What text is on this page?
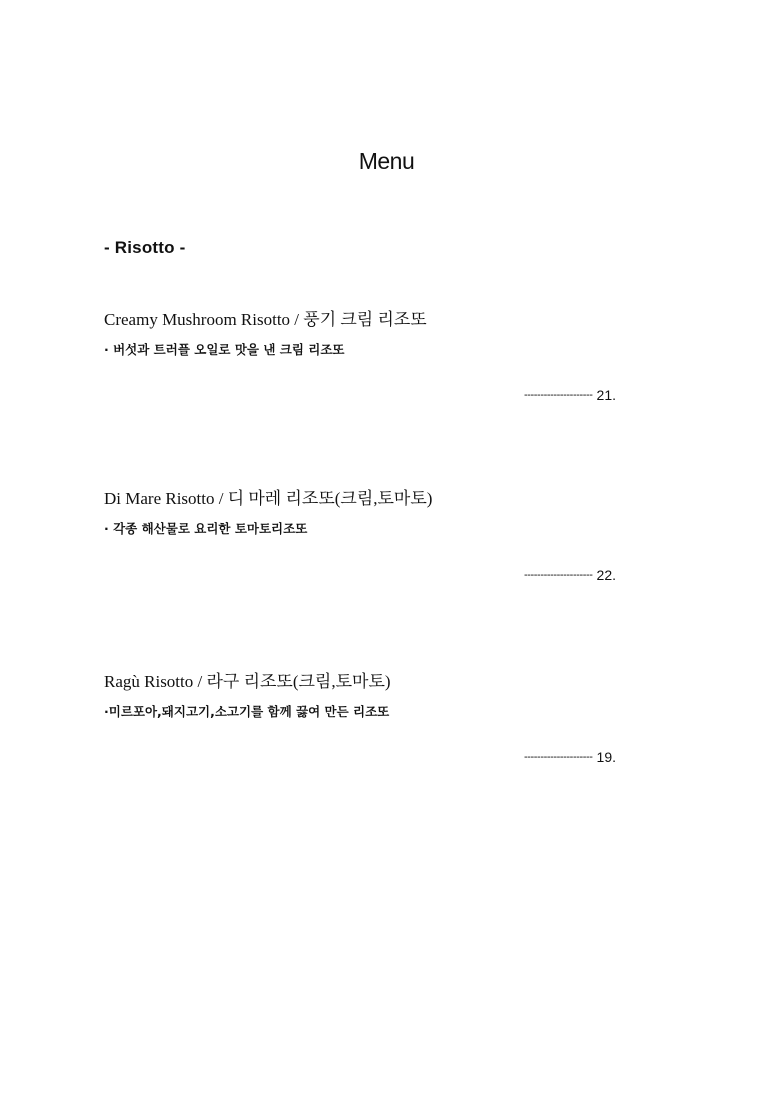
Menu
- Risotto -
Creamy Mushroom Risotto / 풍기 크림 리조또
· 버섯과 트러플 오일로 맛을 낸 크림 리조또
--------------------- 21.
Di Mare Risotto / 디 마레 리조또(크림,토마토)
· 각종 해산물로 요리한 토마토리조또
--------------------- 22.
Ragù Risotto / 라구 리조또(크림,토마토)
·미르포아,돼지고기,소고기를 함께 끓여 만든 리조또
--------------------- 19.
